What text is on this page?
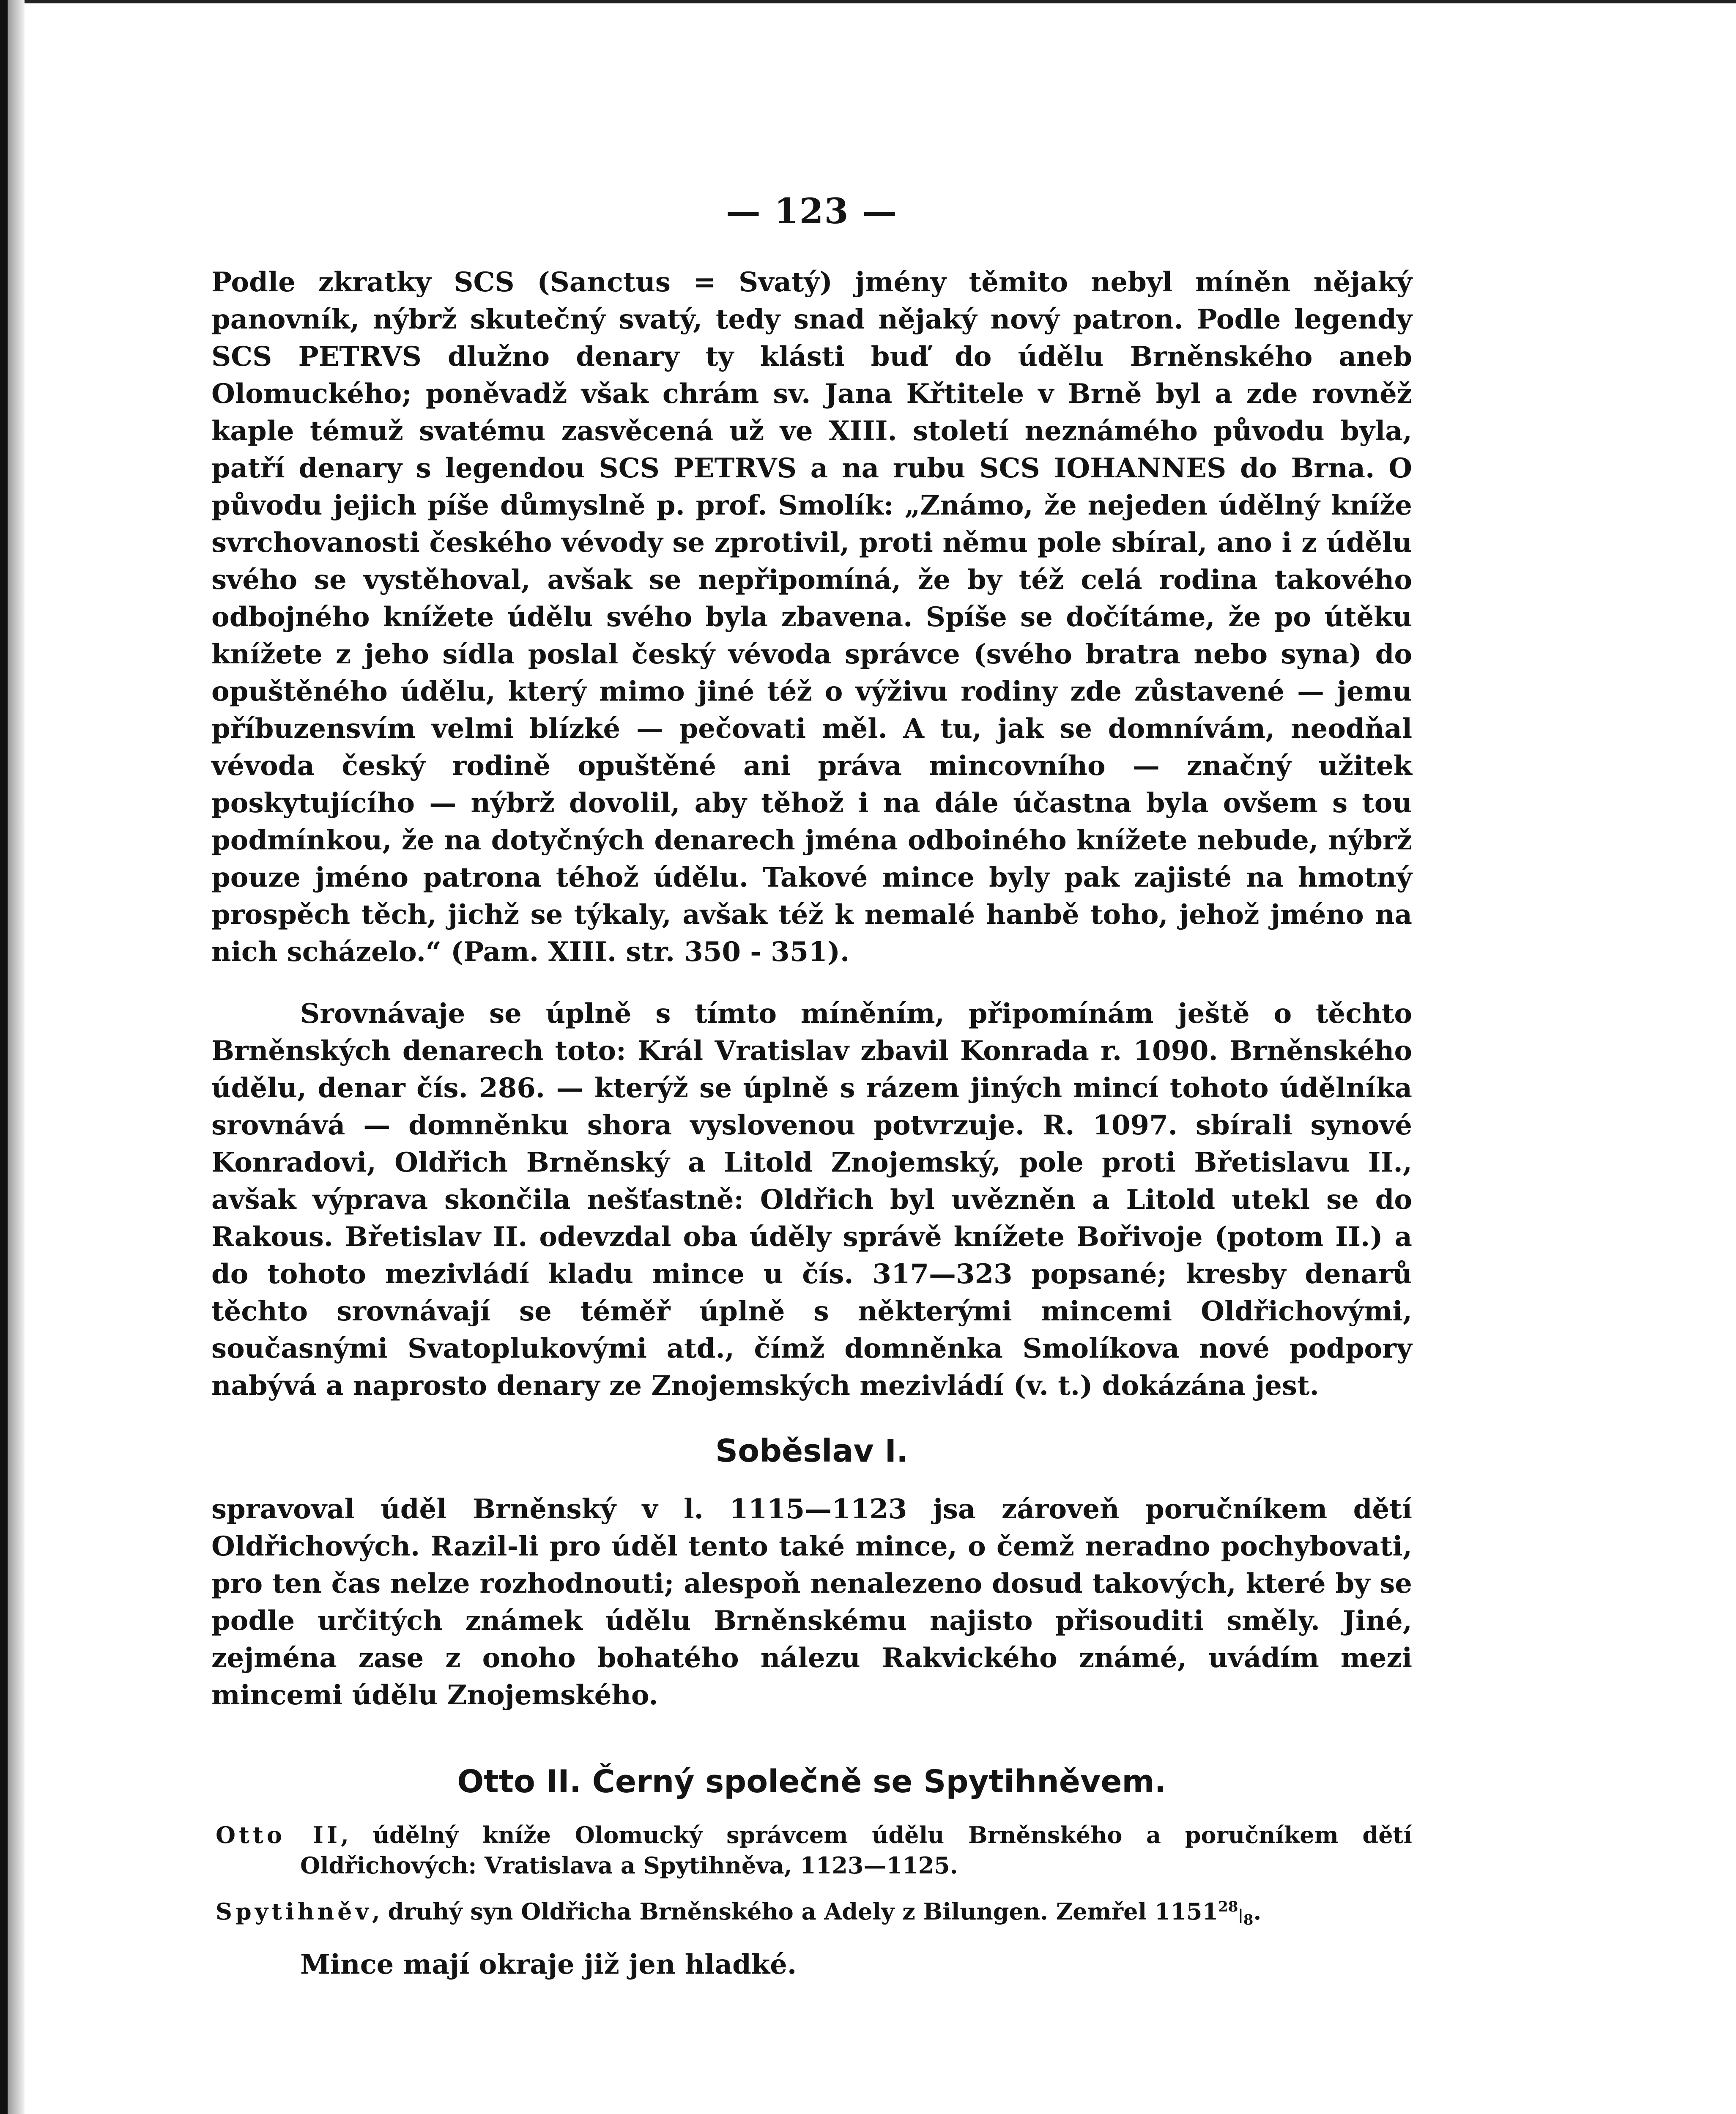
— 123 —

Podle zkratky SCS (Sanctus = Svatý) jmény těmito nebyl míněn nějaký panovník, nýbrž skutečný svatý, tedy snad nějaký nový patron. Podle legendy SCS PETRVS dlužno denary ty klásti buď do údělu Brněnského aneb Olomuckého; poněvadž však chrám sv. Jana Křtitele v Brně byl a zde rovněž kaple témuž svatému zasvěcená už ve XIII. století neznámého původu byla, patří denary s legendou SCS PETRVS a na rubu SCS IOHANNES do Brna. O původu jejich píše důmyslně p. prof. Smolík: „Známo, že nejeden údělný kníže svrchovanosti českého vévody se zprotivil, proti němu pole sbíral, ano i z údělu svého se vystěhoval, avšak se nepřipomíná, že by též celá rodina takového odbojného knížete údělu svého byla zbavena. Spíše se dočítáme, že po útěku knížete z jeho sídla poslal český vévoda správce (svého bratra nebo syna) do opuštěného údělu, který mimo jiné též o výživu rodiny zde zůstavené — jemu příbuzensvím velmi blízké — pečovati měl. A tu, jak se domnívám, neodňal vévoda český rodině opuštěné ani práva mincovního — značný užitek poskytujícího — nýbrž dovolil, aby těhož i na dále účastna byla ovšem s tou podmínkou, že na dotyčných denarech jména odboiného knížete nebude, nýbrž pouze jméno patrona téhož údělu. Takové mince byly pak zajisté na hmotný prospěch těch, jichž se týkaly, avšak též k nemalé hanbě toho, jehož jméno na nich scházelo.“ (Pam. XIII. str. 350 - 351).

Srovnávaje se úplně s tímto míněním, připomínám ještě o těchto Brněnských denarech toto: Král Vratislav zbavil Konrada r. 1090. Brněnského údělu, denar čís. 286. — kterýž se úplně s rázem jiných mincí tohoto údělníka srovnává — domněnku shora vyslovenou potvrzuje. R. 1097. sbírali synové Konradovi, Oldřich Brněnský a Litold Znojemský, pole proti Břetislavu II., avšak výprava skončila nešťastně: Oldřich byl uvězněn a Litold utekl se do Rakous. Břetislav II. odevzdal oba úděly správě knížete Bořivoje (potom II.) a do tohoto mezivládí kladu mince u čís. 317—323 popsané; kresby denarů těchto srovnávají se téměř úplně s některými mincemi Oldřichovými, současnými Svatoplukovými atd., čímž domněnka Smolíkova nové podpory nabývá a naprosto denary ze Znojemských mezivládí (v. t.) dokázána jest.

Soběslav I.

spravoval úděl Brněnský v l. 1115—1123 jsa zároveň poručníkem dětí Oldřichových. Razil-li pro úděl tento také mince, o čemž neradno pochybovati, pro ten čas nelze rozhodnouti; alespoň nenalezeno dosud takových, které by se podle určitých známek údělu Brněnskému najisto přisouditi směly. Jiné, zejména zase z onoho bohatého nálezu Rakvického známé, uvádím mezi mincemi údělu Znojemského.

Otto II. Černý společně se Spytihněvem.

Otto II, údělný kníže Olomucký správcem údělu Brněnského a poručníkem dětí Oldřichových: Vratislava a Spytihněva, 1123—1125.

Spytihněv, druhý syn Oldřicha Brněnského a Adely z Bilungen. Zemřel $1151^{28}|_8$.

Mince mají okraje již jen hladké.
